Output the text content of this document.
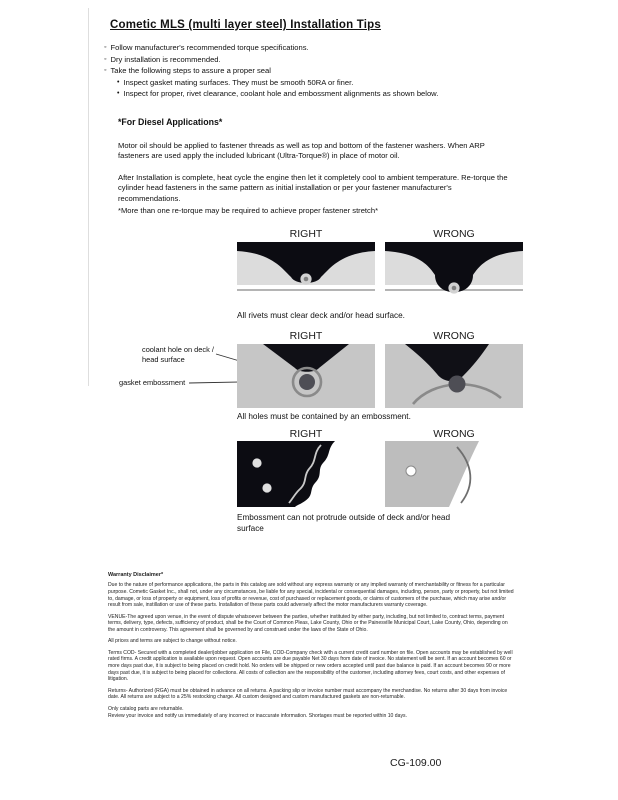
Cometic MLS (multi layer steel) Installation Tips
◦ Follow manufacturer's recommended torque specifications.
◦ Dry installation is recommended.
◦ Take the following steps to assure a proper seal
• Inspect gasket mating surfaces. They must be smooth 50RA or finer.
• Inspect for proper, rivet clearance, coolant hole and embossment alignments as shown below.
*For Diesel Applications*

Motor oil should be applied to fastener threads as well as top and bottom of the fastener washers. When ARP fasteners are used apply the included lubricant (Ultra-Torque®) in place of motor oil.

After Installation is complete, heat cycle the engine then let it completely cool to ambient temperature. Re-torque the cylinder head fasteners in the same pattern as initial installation or per your fastener manufacturer's recommendations.

*More than one re-torque may be required to achieve proper fastener stretch*
RIGHT	WRONG
All rivets must clear deck and/or head surface.
RIGHT	WRONG
coolant hole on deck / head surface
gasket embossment
All holes must be contained by an embossment.
RIGHT	WRONG
Embossment can not protrude outside of deck and/or head surface
Warranty Disclaimer*

Due to the nature of performance applications, the parts in this catalog are sold without any express warranty or any implied warranty of merchantability or fitness for a particular purpose. Cometic Gasket Inc., shall not, under any circumstances, be liable for any special, incidental or consequential damages, including, person, party or property, but not limited to, damage, or loss of property or equipment, loss of profits or revenue, cost of purchased or replacement goods, or claims of customers of the purchase, which may arise and/or result from sale, instillation or use of these parts. Installation of these parts could adversely affect the motor manufacturers warranty coverage.

VENUE-The agreed upon venue, in the event of dispute whatsoever between the parties, whether instituted by either party, including, but not limited to, contract terms, payment terms, delivery, type, defects, sufficiency of product, shall be the Court of Common Pleas, Lake County, Ohio or the Painesville Municipal Court, Lake County, Ohio, depending on the amount in controversy. This agreement shall be governed by and construed under the laws of the State of Ohio.

All prices and terms are subject to change without notice.

Terms COD- Secured with a completed dealer/jobber application on File, COD-Company check with a current credit card number on file. Open accounts may be established by well rated firms. A credit application is available upon request. Open accounts are due payable Net 30 days from date of invoice. No statement will be sent. If an account becomes 60 or more days past due, it is subject to being placed on credit hold. No orders will be shipped or new orders accepted until past due balance is paid. If an account becomes 90 or more days past due, it is subject to being placed for collections. All costs of collection are the responsibility of the customer, including attorney fees, court costs, and other expenses of litigation.

Returns- Authorized (RGA) must be obtained in advance on all returns. A packing slip or invoice number must accompany the merchandise. No returns after 30 days from invoice date. All returns are subject to a 25% restocking charge. All custom designed and custom manufactured gaskets are non-returnable.

Only catalog parts are returnable.

Review your invoice and notify us immediately of any incorrect or inaccurate information. Shortages must be reported within 10 days.

CG-109.00
